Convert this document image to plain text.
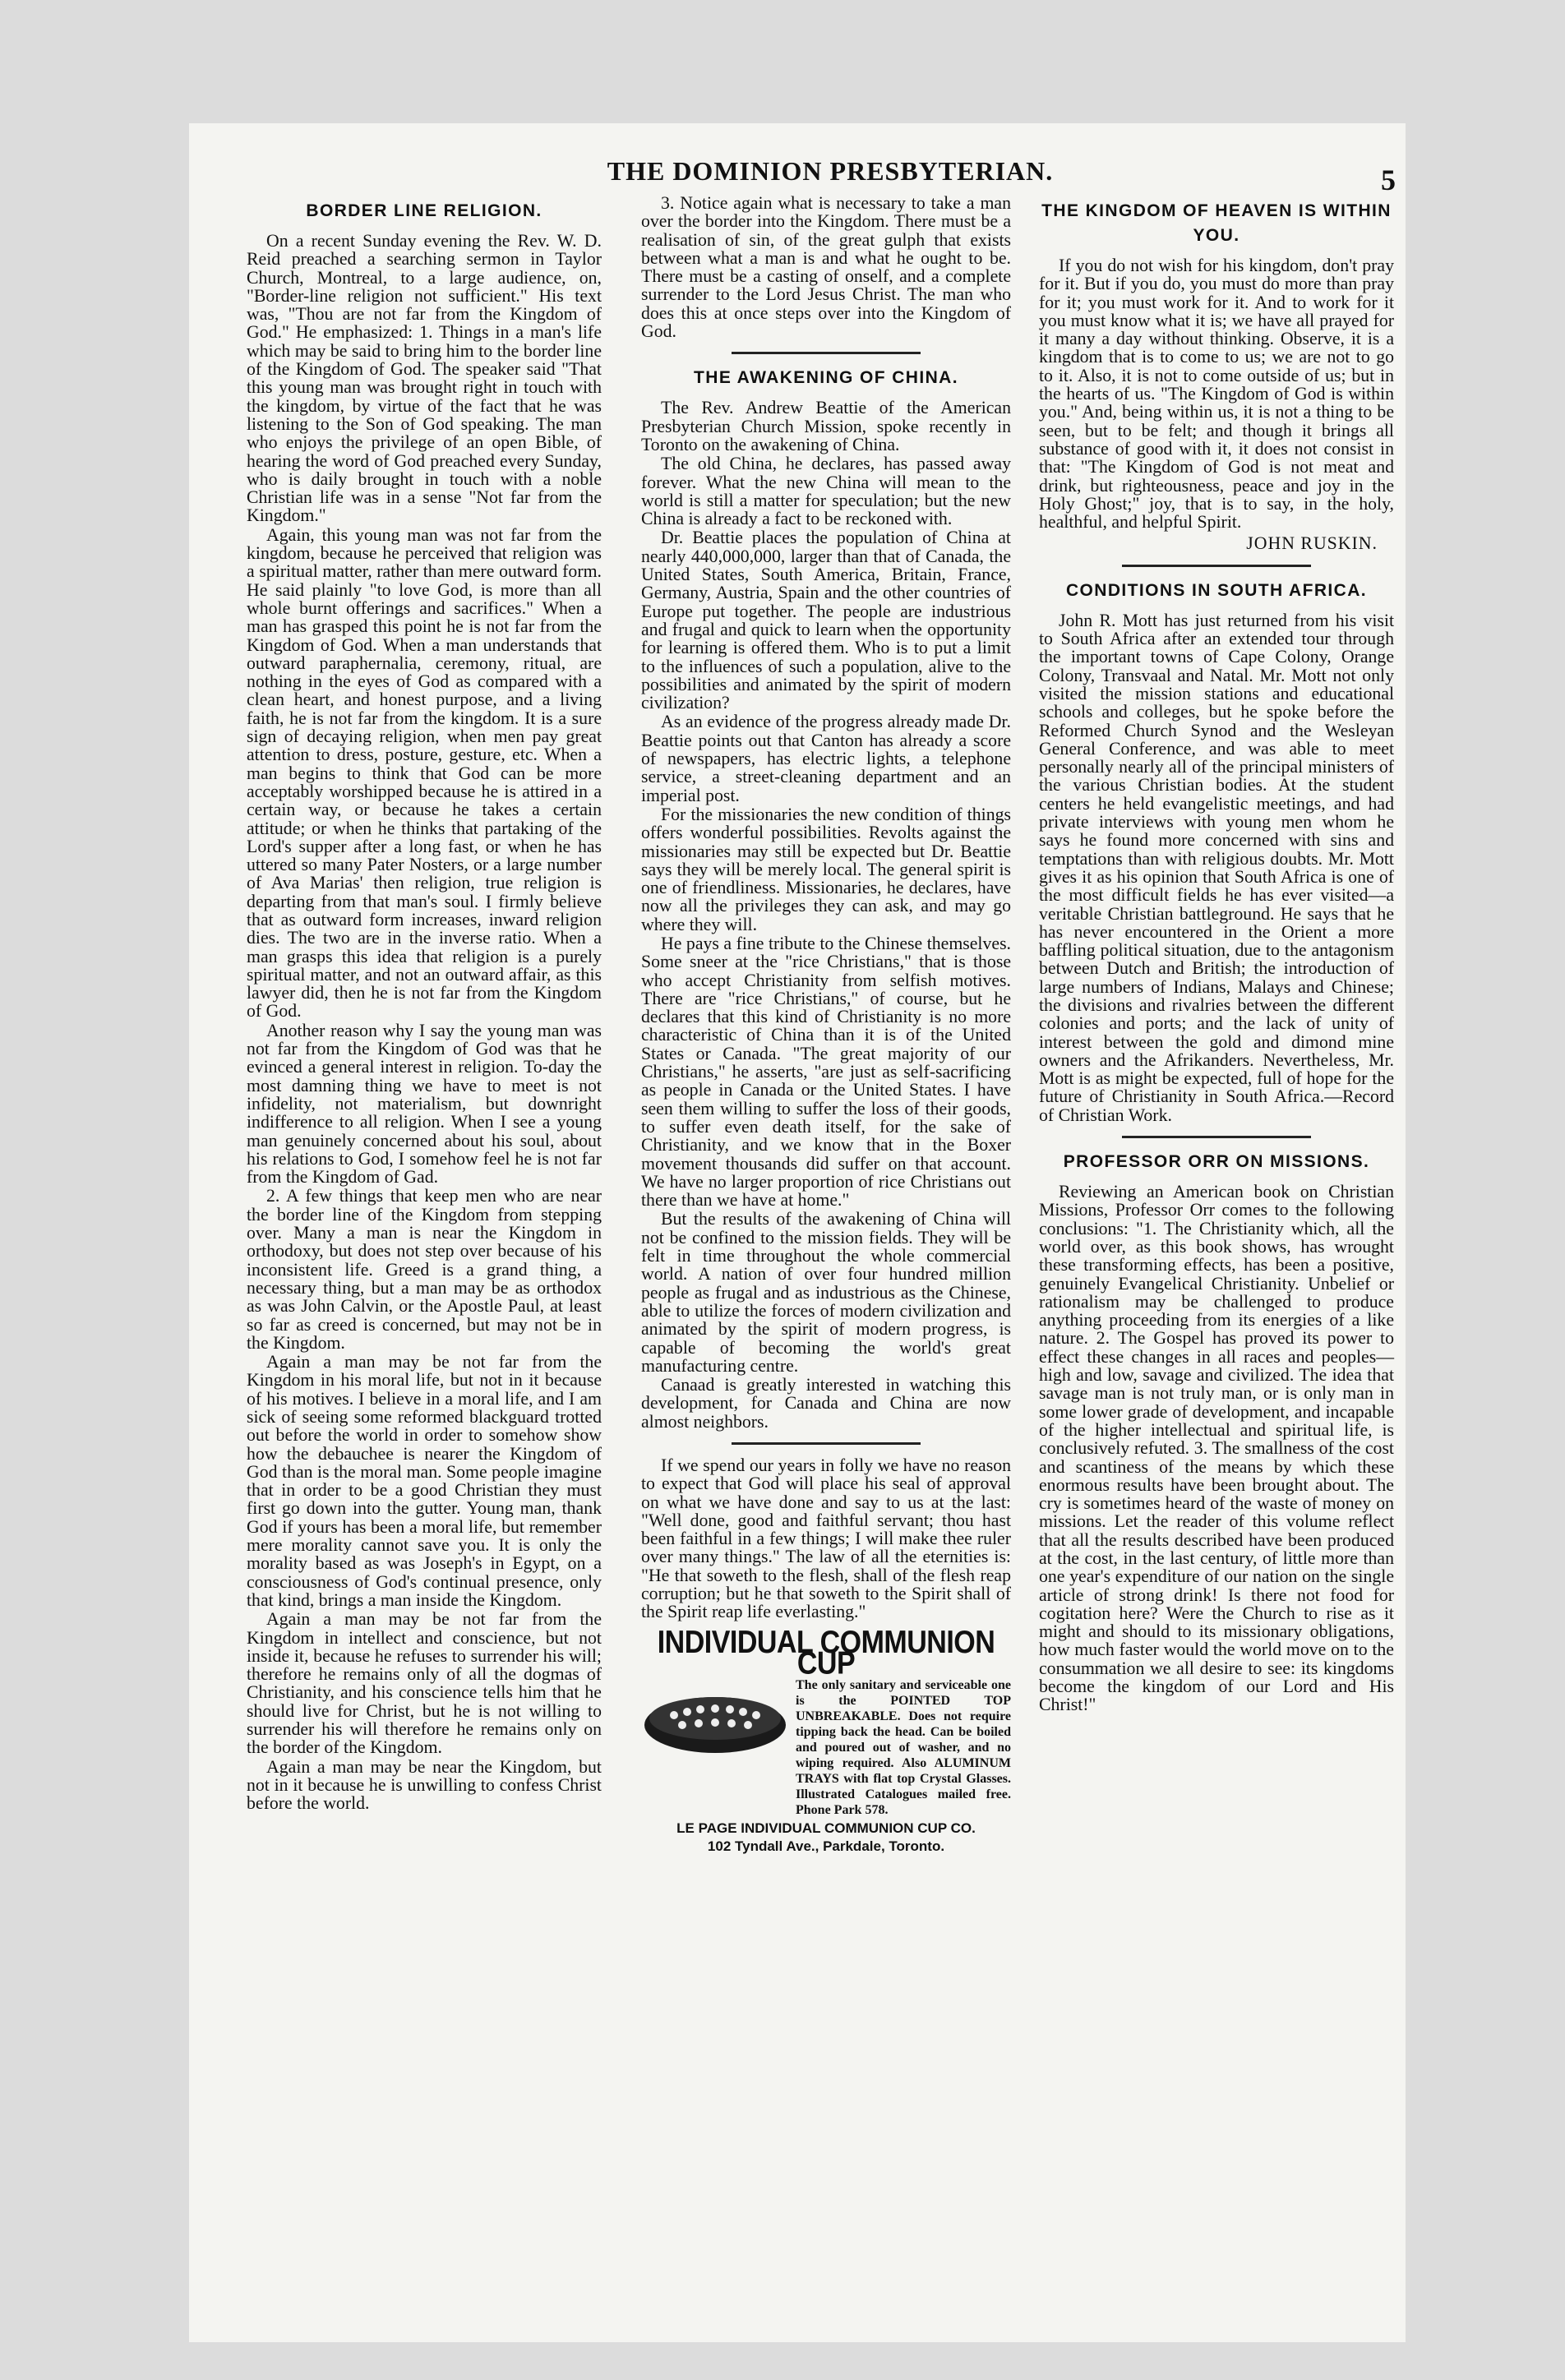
THE DOMINION PRESBYTERIAN.	5
BORDER LINE RELIGION.

On a recent Sunday evening the Rev. W. D. Reid preached a searching sermon in Taylor Church, Montreal, to a large audience, on, "Border-line religion not sufficient." His text was, "Thou are not far from the Kingdom of God." He emphasized: 1. Things in a man's life which may be said to bring him to the border line of the Kingdom of God. The speaker said "That this young man was brought right in touch with the kingdom, by virtue of the fact that he was listening to the Son of God speaking. The man who enjoys the privilege of an open Bible, of hearing the word of God preached every Sunday, who is daily brought in touch with a noble Christian life was in a sense "Not far from the Kingdom."

Again, this young man was not far from the kingdom, because he perceived that religion was a spiritual matter, rather than mere outward form. He said plainly "to love God, is more than all whole burnt offerings and sacrifices." When a man has grasped this point he is not far from the Kingdom of God. When a man understands that outward paraphernalia, ceremony, ritual, are nothing in the eyes of God as compared with a clean heart, and honest purpose, and a living faith, he is not far from the kingdom. It is a sure sign of decaying religion, when men pay great attention to dress, posture, gesture, etc. When a man begins to think that God can be more acceptably worshipped because he is attired in a certain way, or because he takes a certain attitude; or when he thinks that partaking of the Lord's supper after a long fast, or when he has uttered so many Pater Nosters, or a large number of Ava Marias' then religion, true religion is departing from that man's soul. I firmly believe that as outward form increases, inward religion dies. The two are in the inverse ratio. When a man grasps this idea that religion is a purely spiritual matter, and not an outward affair, as this lawyer did, then he is not far from the Kingdom of God.

Another reason why I say the young man was not far from the Kingdom of God was that he evinced a general interest in religion. To-day the most damning thing we have to meet is not infidelity, not materialism, but downright indifference to all religion. When I see a young man genuinely concerned about his soul, about his relations to God, I somehow feel he is not far from the Kingdom of Gad.

2. A few things that keep men who are near the border line of the Kingdom from stepping over. Many a man is near the Kingdom in orthodoxy, but does not step over because of his inconsistent life. Greed is a grand thing, a necessary thing, but a man may be as orthodox as was John Calvin, or the Apostle Paul, at least so far as creed is concerned, but may not be in the Kingdom.

Again a man may be not far from the Kingdom in his moral life, but not in it because of his motives. I believe in a moral life, and I am sick of seeing some reformed blackguard trotted out before the world in order to somehow show how the debauchee is nearer the Kingdom of God than is the moral man. Some people imagine that in order to be a good Christian they must first go down into the gutter. Young man, thank God if yours has been a moral life, but remember mere morality cannot save you. It is only the morality based as was Joseph's in Egypt, on a consciousness of God's continual presence, only that kind, brings a man inside the Kingdom.

Again a man may be not far from the Kingdom in intellect and conscience, but not inside it, because he refuses to surrender his will; therefore he remains only of all the dogmas of Christianity, and his conscience tells him that he should live for Christ, but he is not willing to surrender his will therefore he remains only on the border of the Kingdom.

Again a man may be near the Kingdom, but not in it because he is unwilling to confess Christ before the world.

3. Notice again what is necessary to take a man over the border into the Kingdom. There must be a realisation of sin, of the great gulph that exists between what a man is and what he ought to be. There must be a casting of onself, and a complete surrender to the Lord Jesus Christ. The man who does this at once steps over into the Kingdom of God.

THE AWAKENING OF CHINA.

The Rev. Andrew Beattie of the American Presbyterian Church Mission, spoke recently in Toronto on the awakening of China.

The old China, he declares, has passed away forever. What the new China will mean to the world is still a matter for speculation; but the new China is already a fact to be reckoned with.

Dr. Beattie places the population of China at nearly 440,000,000, larger than that of Canada, the United States, South America, Britain, France, Germany, Austria, Spain and the other countries of Europe put together. The people are industrious and frugal and quick to learn when the opportunity for learning is offered them. Who is to put a limit to the influences of such a population, alive to the possibilities and animated by the spirit of modern civilization?

As an evidence of the progress already made Dr. Beattie points out that Canton has already a score of newspapers, has electric lights, a telephone service, a street-cleaning department and an imperial post.

For the missionaries the new condition of things offers wonderful possibilities. Revolts against the missionaries may still be expected but Dr. Beattie says they will be merely local. The general spirit is one of friendliness. Missionaries, he declares, have now all the privileges they can ask, and may go where they will.

He pays a fine tribute to the Chinese themselves. Some sneer at the "rice Christians," that is those who accept Christianity from selfish motives. There are "rice Christians," of course, but he declares that this kind of Christianity is no more characteristic of China than it is of the United States or Canada. "The great majority of our Christians," he asserts, "are just as self-sacrificing as people in Canada or the United States. I have seen them willing to suffer the loss of their goods, to suffer even death itself, for the sake of Christianity, and we know that in the Boxer movement thousands did suffer on that account. We have no larger proportion of rice Christians out there than we have at home."

But the results of the awakening of China will not be confined to the mission fields. They will be felt in time throughout the whole commercial world. A nation of over four hundred million people as frugal and as industrious as the Chinese, able to utilize the forces of modern civilization and animated by the spirit of modern progress, is capable of becoming the world's great manufacturing centre.

Canaad is greatly interested in watching this development, for Canada and China are now almost neighbors.

If we spend our years in folly we have no reason to expect that God will place his seal of approval on what we have done and say to us at the last: "Well done, good and faithful servant; thou hast been faithful in a few things; I will make thee ruler over many things." The law of all the eternities is: "He that soweth to the flesh, shall of the flesh reap corruption; but he that soweth to the Spirit shall of the Spirit reap life everlasting."

INDIVIDUAL COMMUNION CUP
The only sanitary and serviceable one is the POINTED TOP UNBREAKABLE. Does not require tipping back the head. Can be boiled and poured out of washer, and no wiping required. Also ALUMINUM TRAYS with flat top Crystal Glasses. Illustrated Catalogues mailed free. Phone Park 578.
LE PAGE INDIVIDUAL COMMUNION CUP CO.
102 Tyndall Ave., Parkdale, Toronto.
THE KINGDOM OF HEAVEN IS WITHIN YOU.

If you do not wish for his kingdom, don't pray for it. But if you do, you must do more than pray for it; you must work for it. And to work for it you must know what it is; we have all prayed for it many a day without thinking. Observe, it is a kingdom that is to come to us; we are not to go to it. Also, it is not to come outside of us; but in the hearts of us. "The Kingdom of God is within you." And, being within us, it is not a thing to be seen, but to be felt; and though it brings all substance of good with it, it does not consist in that: "The Kingdom of God is not meat and drink, but righteousness, peace and joy in the Holy Ghost;" joy, that is to say, in the holy, healthful, and helpful Spirit.

JOHN RUSKIN.
CONDITIONS IN SOUTH AFRICA.

John R. Mott has just returned from his visit to South Africa after an extended tour through the important towns of Cape Colony, Orange Colony, Transvaal and Natal. Mr. Mott not only visited the mission stations and educational schools and colleges, but he spoke before the Reformed Church Synod and the Wesleyan General Conference, and was able to meet personally nearly all of the principal ministers of the various Christian bodies. At the student centers he held evangelistic meetings, and had private interviews with young men whom he says he found more concerned with sins and temptations than with religious doubts. Mr. Mott gives it as his opinion that South Africa is one of the most difficult fields he has ever visited—a veritable Christian battleground. He says that he has never encountered in the Orient a more baffling political situation, due to the antagonism between Dutch and British; the introduction of large numbers of Indians, Malays and Chinese; the divisions and rivalries between the different colonies and ports; and the lack of unity of interest between the gold and dimond mine owners and the Afrikanders. Nevertheless, Mr. Mott is as might be expected, full of hope for the future of Christianity in South Africa.—Record of Christian Work.

PROFESSOR ORR ON MISSIONS.

Reviewing an American book on Christian Missions, Professor Orr comes to the following conclusions: "1. The Christianity which, all the world over, as this book shows, has wrought these transforming effects, has been a positive, genuinely Evangelical Christianity. Unbelief or rationalism may be challenged to produce anything proceeding from its energies of a like nature. 2. The Gospel has proved its power to effect these changes in all races and peoples—high and low, savage and civilized. The idea that savage man is not truly man, or is only man in some lower grade of development, and incapable of the higher intellectual and spiritual life, is conclusively refuted. 3. The smallness of the cost and scantiness of the means by which these enormous results have been brought about. The cry is sometimes heard of the waste of money on missions. Let the reader of this volume reflect that all the results described have been produced at the cost, in the last century, of little more than one year's expenditure of our nation on the single article of strong drink! Is there not food for cogitation here? Were the Church to rise as it might and should to its missionary obligations, how much faster would the world move on to the consummation we all desire to see: its kingdoms become the kingdom of our Lord and His Christ!"
